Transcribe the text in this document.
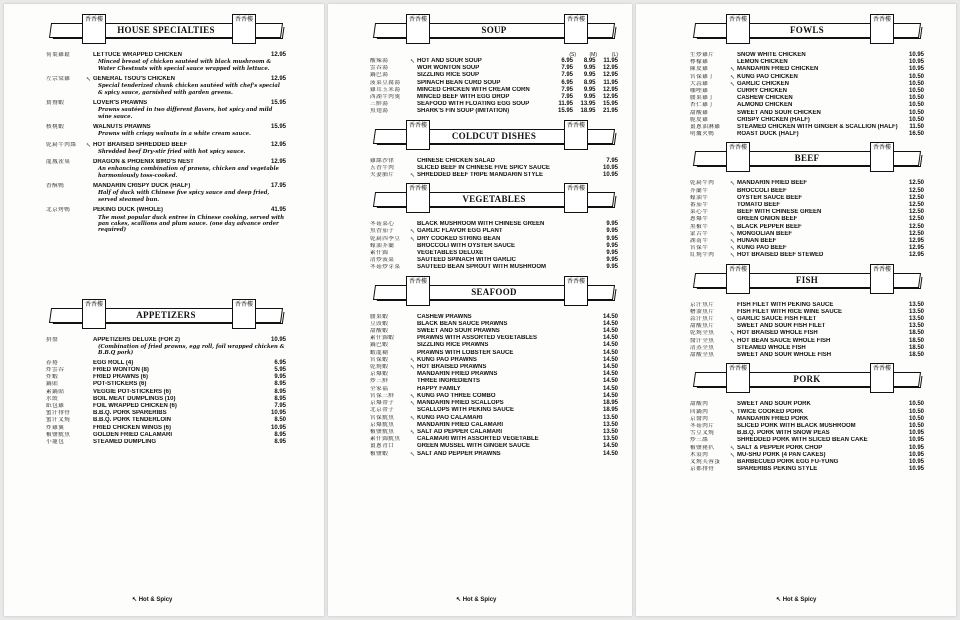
香香樓	香香樓
HOUSE SPECIALTIES
荷葉雞鬆	LETTUCE WRAPPED CHICKEN	12.95
Minced breast of chicken sautéed with black mushroom & Water Chestnuts with special sauce wrapped with lettuce.
左宗棠雞	↖ GENERAL TSOU'S CHICKEN	12.95
Special tenderized chunk chicken sautéed with chef's special & spicy sauce, garnished with garden greens.
鴛鴦蝦	LOVER'S PRAWNS	15.95
Prawns sautéed in two different flavors, hot spicy and mild wine sauce.
核桃蝦	WALNUTS PRAWNS	15.95
Prawns with crispy walnuts in a white cream sauce.
乾扁牛肉絲	↖ HOT BRAISED SHREDDED BEEF	12.95
Shredded beef Dry-stir fried with hot spicy sauce.
龍鳳雀巢	DRAGON & PHOENIX BIRD'S NEST	12.95
An enhancing combination of prawns, chicken and vegetable harmoniously toss-cooked.
香酥鴨	MANDARIN CRISPY DUCK (HALF)	17.95
Half of duck with Chinese five spicy sauce and deep fried, served steamed bun.
北京烤鴨	PEKING DUCK (WHOLE)	41.95
The most popular duck entree in Chinese cooking, served with pan cakes, scallions and plum sauce. (one day advance order required)
香香樓	香香樓
APPETIZERS
拼盤	APPETIZERS DELUXE (FOR 2)	10.95
(Combination of fried prawns, egg roll, foil wrapped chicken & B.B.Q pork)
春捲	EGG ROLL (4)	6.95
炸雲吞	FRIED WONTON (8)	5.95
炸蝦	FRIED PRAWNS (6)	9.95
鍋貼	POT-STICKERS (6)	8.95
素鍋貼	VEGGIE POT-STICKERS (6)	8.95
水餃	BOIL MEAT DUMPLINGS (10)	8.95
紙包雞	FOIL WRAPPED CHICKEN (6)	7.95
蜜汁排骨	B.B.Q. PORK SPARERIBS	10.95
蜜汁叉燒	B.B.Q. PORK TENDERLOIN	8.50
炸雞翼	FRIED CHICKEN WINGS (6)	10.95
椒鹽魷魚	GOLDEN FRIED CALAMARI	8.95
小籠包	STEAMED DUMPLING	8.95
香香樓	香香樓
SOUP
(S)	(M)	(L)
酸辣湯	↖ HOT AND SOUR SOUP	6.95	8.95	11.95
雲吞湯	WOR WONTON SOUP	7.95	9.95	12.95
鍋巴湯	SIZZLING RICE SOUP	7.95	9.95	12.95
菠菜豆腐湯	SPINACH BEAN CURD SOUP	6.95	8.95	11.95
雞茸玉米湯	MINCED CHICKEN WITH CREAM CORN	7.95	9.95	12.95
西湖牛肉羹	MINCED BEEF WITH EGG DROP	7.95	9.95	12.95
三鮮湯	SEAFOOD WITH FLOATING EGG SOUP	11.95	13.95	15.95
魚翅湯	SHARK'S FIN SOUP (IMITATION)	15.95	18.95	21.95
香香樓	香香樓
COLDCUT DISHES
雞絲沙律	CHINESE CHICKEN SALAD	7.95
五香牛肉	SLICED BEEF IN CHINESE FIVE SPICY SAUCE	10.95
夫妻肺片	↖ SHREDDED BEEF TRIPE MANDARIN STYLE	10.95
香香樓	香香樓
VEGETABLES
冬菇菜心	BLACK MUSHROOM WITH CHINESE GREEN	9.95
魚香茄子	↖ GARLIC FLAVOR EGG PLANT	9.95
乾扁四季豆	↖ DRY COOKED STRING BEAN	9.95
蠔油芥蘭	BROCCOLI WITH OYSTER SAUCE	9.95
素什錦	VEGETABLES DELUXE	9.95
清炒菠菜	SAUTEED SPINACH WITH GARLIC	9.95
冬菇炒芽菜	SAUTEED BEAN SPROUT WITH MUSHROOM	9.95
香香樓	香香樓
SEAFOOD
腰果蝦	CASHEW PRAWNS	14.50
豆豉蝦	BLACK BEAN SAUCE PRAWNS	14.50
甜酸蝦	SWEET AND SOUR PRAWNS	14.50
素什錦蝦	PRAWNS WITH ASSORTED VEGETABLES	14.50
鍋巴蝦	SIZZLING RICE PRAWNS	14.50
蝦龍糊	PRAWNS WITH LOBSTER SAUCE	14.50
宮保蝦	↖ KUNG PAO PRAWNS	14.50
乾燒蝦	↖ HOT BRAISED PRAWNS	14.50
京爆蝦	MANDARIN FRIED PRAWNS	14.50
炒三鮮	THREE INGREDIENTS	14.50
全家福	HAPPY FAMILY	14.50
宮保三鮮	↖ KUNG PAO THREE COMBO	14.50
京爆帶子	↖ MANDARIN FRIED SCALLOPS	18.95
北京帶子	SCALLOPS WITH PEKING SAUCE	18.95
宮保魷魚	↖ KUNG PAO CALAMARI	13.50
京爆魷魚	MANDARIN FRIED CALAMARI	13.50
椒鹽魷魚	↖ SALT AD PEPPER CALAMARI	13.50
素什錦魷魚	CALAMARI WITH ASSORTED VEGETABLE	13.50
薑蔥青口	GREEN MUSSEL WITH GINGER SAUCE	14.50
椒鹽蝦	↖ SALT AND PEPPER PRAWNS	14.50
香香樓	香香樓
FOWLS
生炒雞片	SNOW WHITE CHICKEN	10.95
檸檬雞	LEMON CHICKEN	10.95
陳皮雞	↖ MANDARIN FRIED CHICKEN	10.95
宮保雞丁	↖ KUNG PAO CHICKEN	10.50
大蒜雞	↖ GARLIC CHICKEN	10.50
咖哩雞	CURRY CHICKEN	10.50
腰果雞丁	CASHEW CHICKEN	10.50
杏仁雞丁	ALMOND CHICKEN	10.50
甜酸雞	SWEET AND SOUR CHICKEN	10.50
脆皮雞	CRISPY CHICKEN (HALF)	10.50
薑蔥油淋雞	STEAMED CHICKEN WITH GINGER & SCALLION (HALF)	11.50
明爐火鴨	ROAST DUCK (HALF)	16.50
香香樓	香香樓
BEEF
乾扁牛肉	↖ MANDARIN FRIED BEEF	12.50
芥蘭牛	BROCCOLI BEEF	12.50
蠔油牛	OYSTER SAUCE BEEF	12.50
番茄牛	TOMATO BEEF	12.50
菜心牛	BEEF WITH CHINESE GREEN	12.50
蔥爆牛	GREEN ONION BEEF	12.50
黑椒牛	↖ BLACK PEPPER BEEF	12.50
蒙古牛	↖ MONGOLIAN BEEF	12.50
湖南牛	↖ HUNAN BEEF	12.95
宮保牛	↖ KUNG PAO BEEF	12.95
紅燒牛肉	↖ HOT BRAISED BEEF STEWED	12.95
香香樓	香香樓
FISH
京汁魚片	FISH FILET WITH PEKING SAUCE	13.50
糟溜魚片	FISH FILET WITH RICE WINE SAUCE	13.50
蒜汁魚片	↖ GARLIC SAUCE FISH FILET	13.50
甜酸魚片	SWEET AND SOUR FISH FILET	13.50
乾燒全魚	↖ HOT BRAISED WHOLE FISH	18.50
醬汁全魚	↖ HOT BEAN SAUCE WHOLE FISH	18.50
清蒸全魚	STEAMED WHOLE FISH	18.50
甜酸全魚	SWEET AND SOUR WHOLE FISH	18.50
香香樓	香香樓
PORK
甜酸肉	SWEET AND SOUR PORK	10.50
回鍋肉	↖ TWICE COOKED PORK	10.50
京醬肉	MANDARIN FRIED PORK	10.50
冬菇肉片	SLICED PORK WITH BLACK MUSHROOM	10.50
雪豆叉燒	B.B.Q. PORK WITH SNOW PEAS	10.95
炒三絲	SHREDDED PORK WITH SLICED BEAN CAKE	10.95
椒鹽豬扒	↖ SALT & PEPPER PORK CHOP	10.95
木須肉	↖ MU-SHU PORK (4 PAN CAKES)	10.95
叉燒芙蓉蛋	BARBECUED PORK EGG FU-YUNG	10.95
京都排骨	SPARERIBS PEKING STYLE	10.95
↖ Hot & Spicy	↖ Hot & Spicy	↖ Hot & Spicy
